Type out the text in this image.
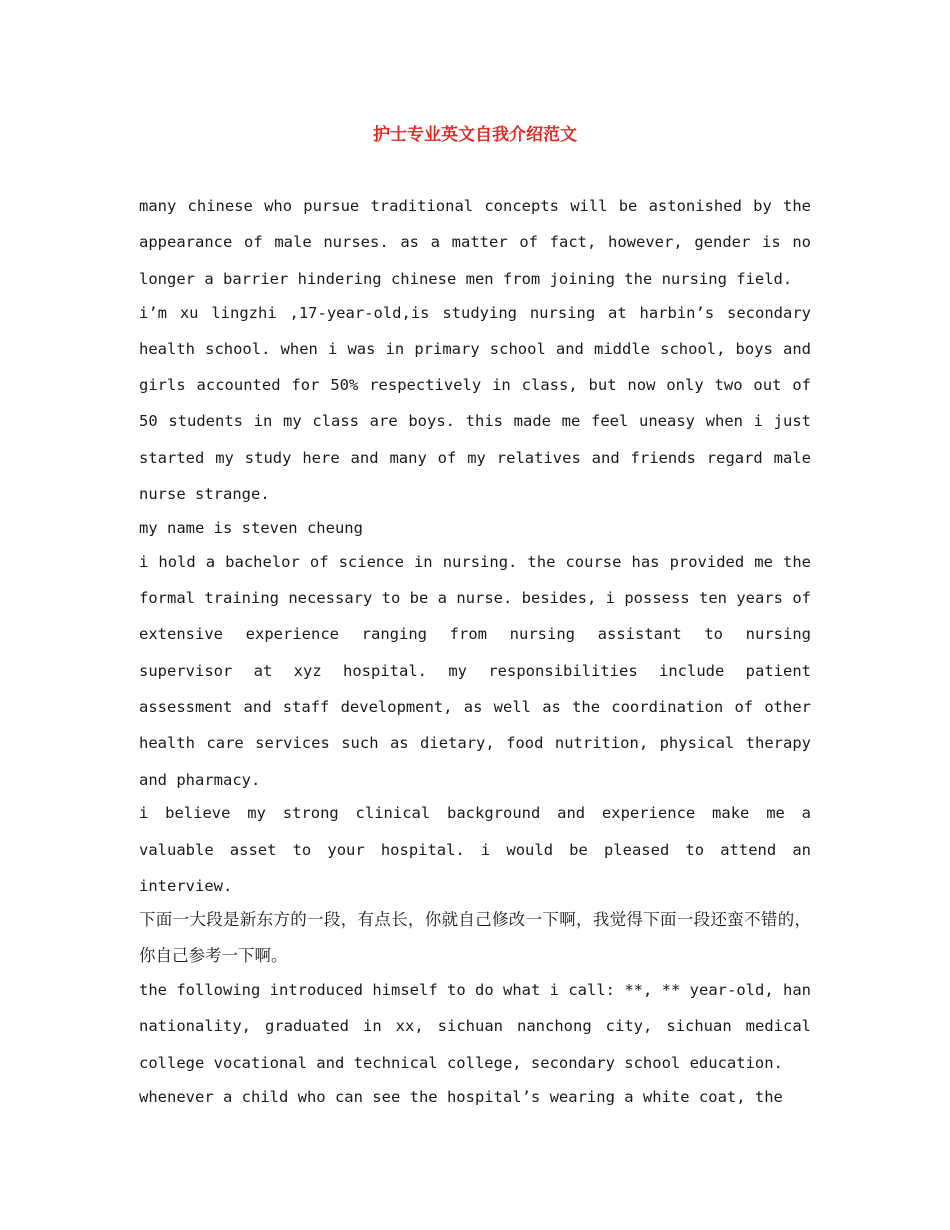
护士专业英文自我介绍范文

many chinese who pursue traditional concepts will be astonished by the appearance of male nurses. as a matter of fact, however, gender is no longer a barrier hindering chinese men from joining the nursing field.

i’m xu lingzhi ,17-year-old,is studying nursing at harbin’s secondary health school. when i was in primary school and middle school, boys and girls accounted for 50% respectively in class, but now only two out of 50 students in my class are boys. this made me feel uneasy when i just started my study here and many of my relatives and friends regard male nurse strange.

my name is steven cheung

i hold a bachelor of science in nursing. the course has provided me the formal training necessary to be a nurse. besides, i possess ten years of extensive experience ranging from nursing assistant to nursing supervisor at xyz hospital. my responsibilities include patient assessment and staff development, as well as the coordination of other health care services such as dietary, food nutrition, physical therapy and pharmacy.

i believe my strong clinical background and experience make me a valuable asset to your hospital. i would be pleased to attend an interview.

下面一大段是新东方的一段，有点长，你就自己修改一下啊，我觉得下面一段还蛮不错的，你自己参考一下啊。

the following introduced himself to do what i call: **, ** year-old, han nationality, graduated in xx, sichuan nanchong city, sichuan medical college vocational and technical college, secondary school education.

whenever a child who can see the hospital’s wearing a white coat, the
